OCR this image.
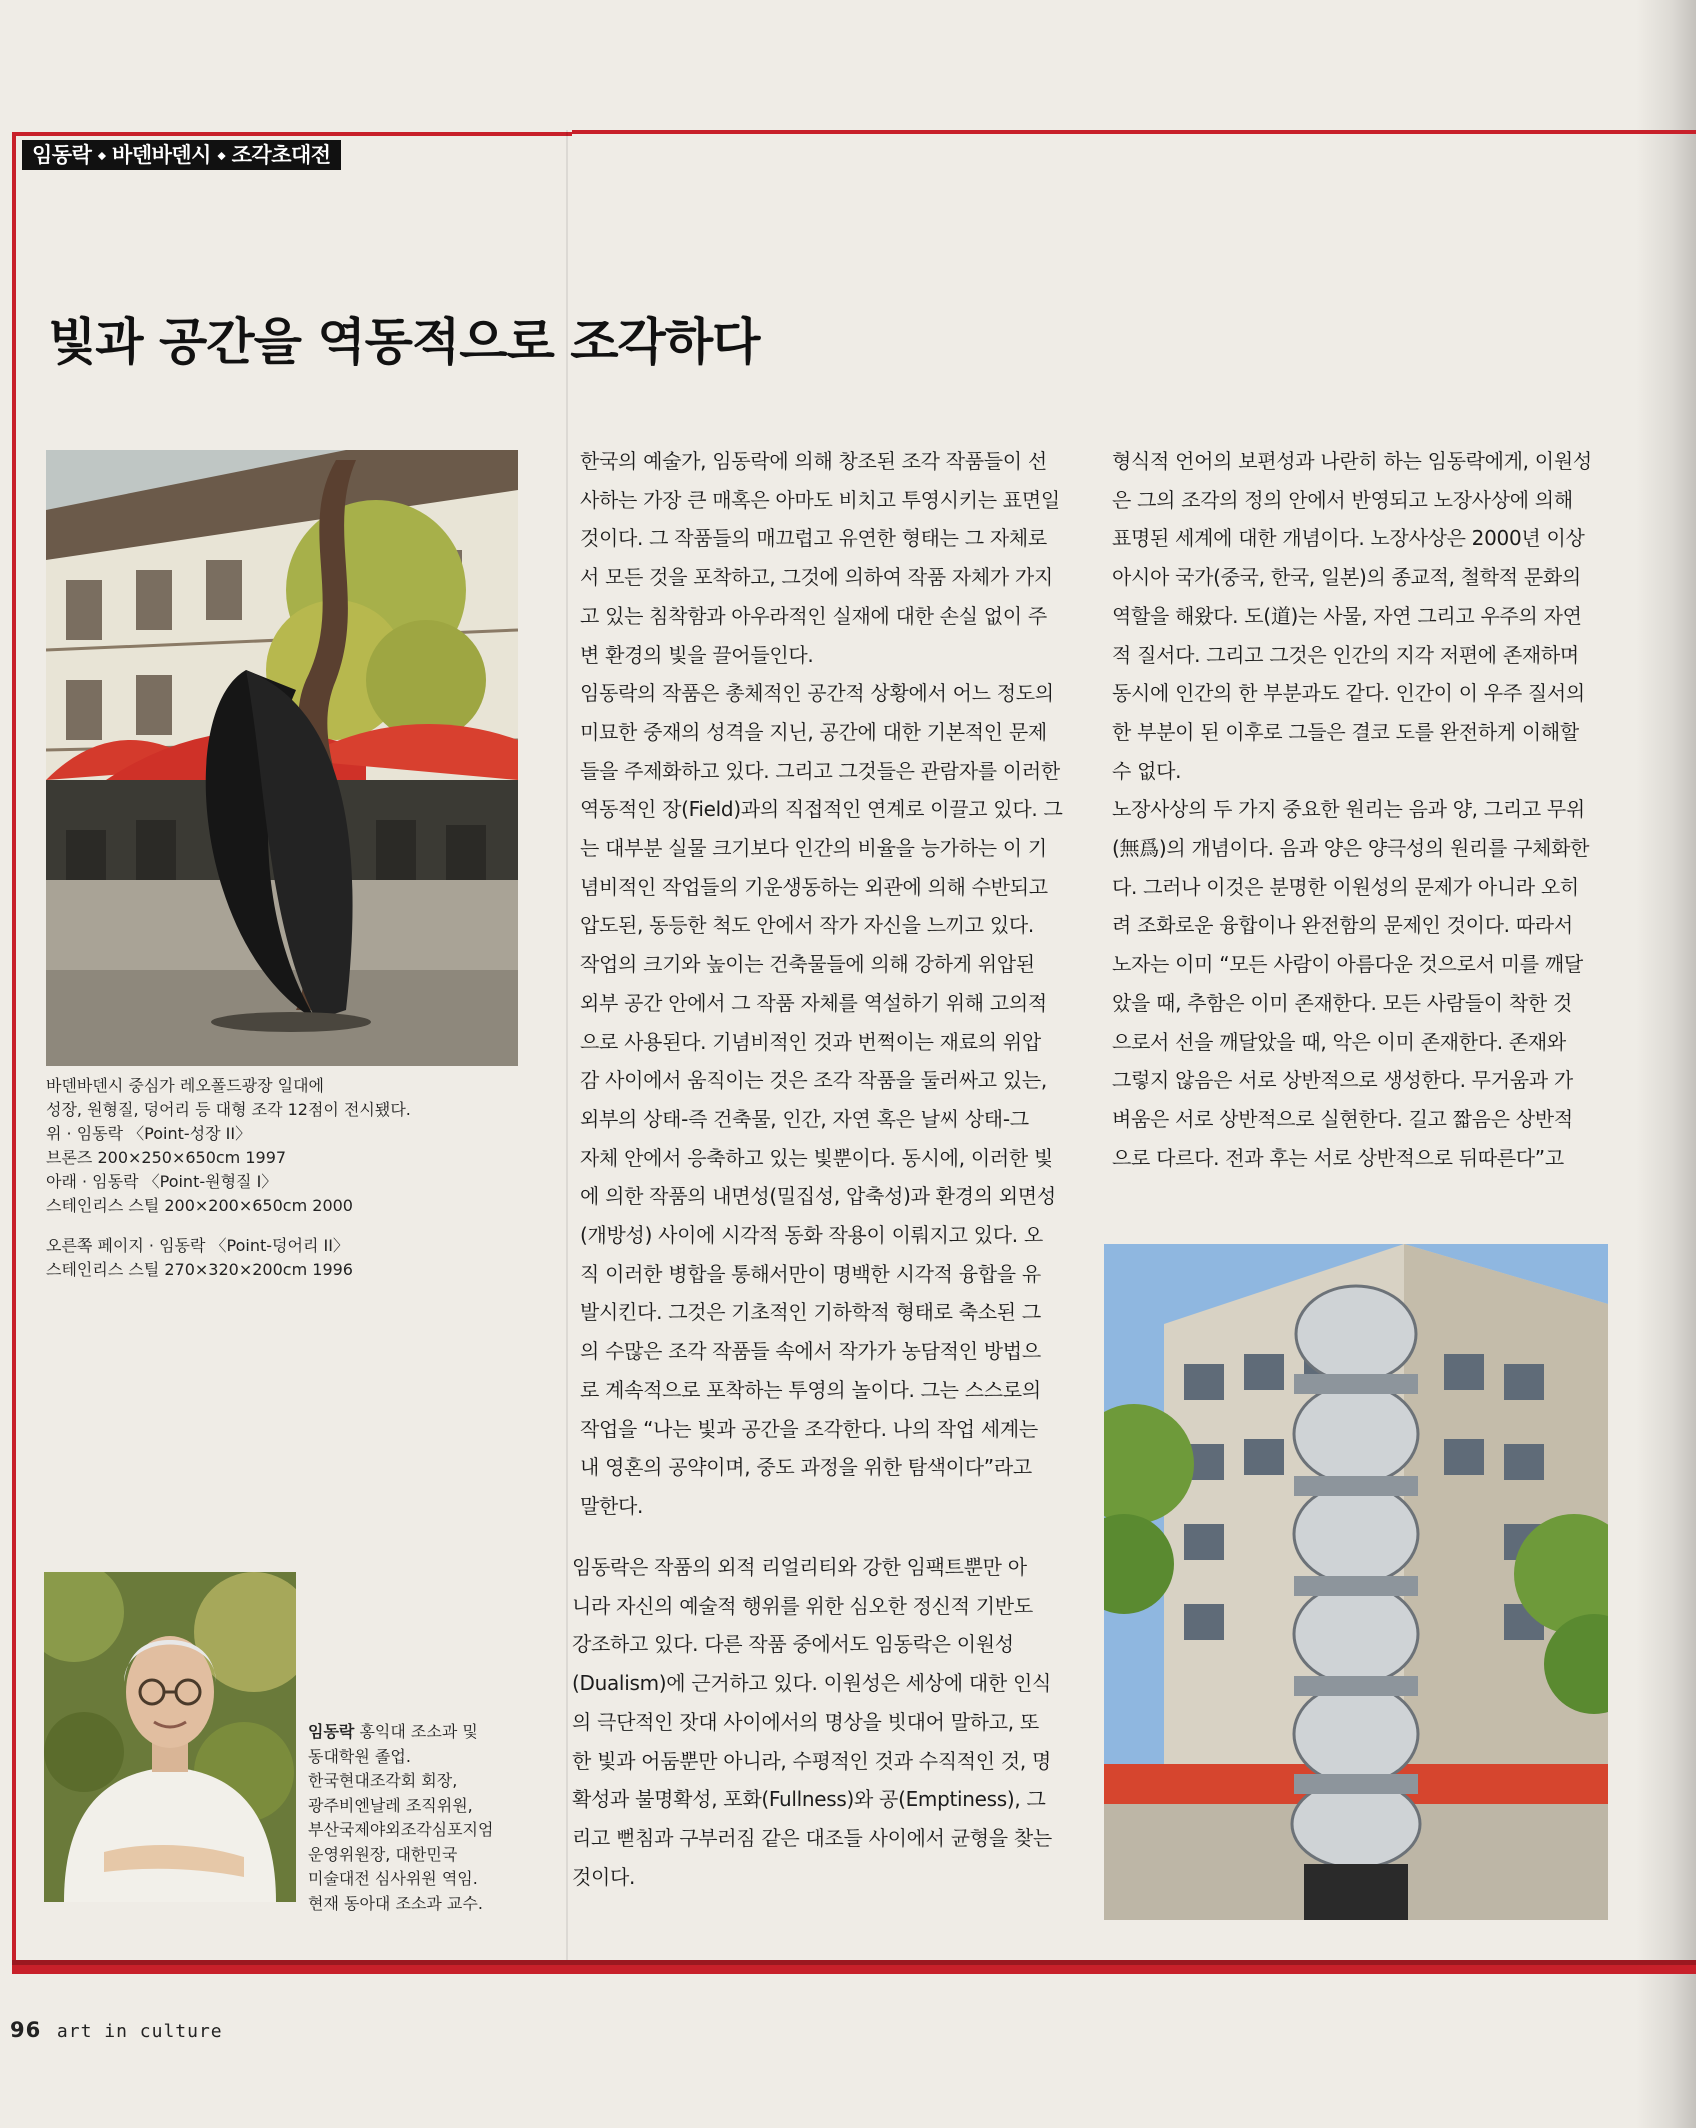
임동락 ⬩ 바덴바덴시 ⬩ 조각초대전
빛과 공간을 역동적으로 조각하다
바덴바덴시 중심가 레오폴드광장 일대에
성장, 원형질, 덩어리 등 대형 조각 12점이 전시됐다.
위 · 임동락 〈Point-성장 II〉
브론즈 200×250×650cm 1997
아래 · 임동락 〈Point-원형질 I〉
스테인리스 스틸 200×200×650cm 2000
오른쪽 페이지 · 임동락 〈Point-덩어리 II〉
스테인리스 스틸 270×320×200cm 1996
임동락 홍익대 조소과 및
동대학원 졸업.
한국현대조각회 회장,
광주비엔날레 조직위원,
부산국제야외조각심포지엄
운영위원장, 대한민국
미술대전 심사위원 역임.
현재 동아대 조소과 교수.
한국의 예술가, 임동락에 의해 창조된 조각 작품들이 선
사하는 가장 큰 매혹은 아마도 비치고 투영시키는 표면일
것이다. 그 작품들의 매끄럽고 유연한 형태는 그 자체로
서 모든 것을 포착하고, 그것에 의하여 작품 자체가 가지
고 있는 침착함과 아우라적인 실재에 대한 손실 없이 주
변 환경의 빛을 끌어들인다.
임동락의 작품은 총체적인 공간적 상황에서 어느 정도의
미묘한 중재의 성격을 지닌, 공간에 대한 기본적인 문제
들을 주제화하고 있다. 그리고 그것들은 관람자를 이러한
역동적인 장(Field)과의 직접적인 연계로 이끌고 있다. 그
는 대부분 실물 크기보다 인간의 비율을 능가하는 이 기
념비적인 작업들의 기운생동하는 외관에 의해 수반되고
압도된, 동등한 척도 안에서 작가 자신을 느끼고 있다.
작업의 크기와 높이는 건축물들에 의해 강하게 위압된
외부 공간 안에서 그 작품 자체를 역설하기 위해 고의적
으로 사용된다. 기념비적인 것과 번쩍이는 재료의 위압
감 사이에서 움직이는 것은 조각 작품을 둘러싸고 있는,
외부의 상태-즉 건축물, 인간, 자연 혹은 날씨 상태-그
자체 안에서 응축하고 있는 빛뿐이다. 동시에, 이러한 빛
에 의한 작품의 내면성(밀집성, 압축성)과 환경의 외면성
(개방성) 사이에 시각적 동화 작용이 이뤄지고 있다. 오
직 이러한 병합을 통해서만이 명백한 시각적 융합을 유
발시킨다. 그것은 기초적인 기하학적 형태로 축소된 그
의 수많은 조각 작품들 속에서 작가가 농담적인 방법으
로 계속적으로 포착하는 투영의 놀이다. 그는 스스로의
작업을 “나는 빛과 공간을 조각한다. 나의 작업 세계는
내 영혼의 공약이며, 중도 과정을 위한 탐색이다”라고
말한다.
임동락은 작품의 외적 리얼리티와 강한 임팩트뿐만 아
니라 자신의 예술적 행위를 위한 심오한 정신적 기반도
강조하고 있다. 다른 작품 중에서도 임동락은 이원성
(Dualism)에 근거하고 있다. 이원성은 세상에 대한 인식
의 극단적인 잣대 사이에서의 명상을 빗대어 말하고, 또
한 빛과 어둠뿐만 아니라, 수평적인 것과 수직적인 것, 명
확성과 불명확성, 포화(Fullness)와 공(Emptiness), 그
리고 뻗침과 구부러짐 같은 대조들 사이에서 균형을 찾는
것이다.
형식적 언어의 보편성과 나란히 하는 임동락에게, 이원성
은 그의 조각의 정의 안에서 반영되고 노장사상에 의해
표명된 세계에 대한 개념이다. 노장사상은 2000년 이상
아시아 국가(중국, 한국, 일본)의 종교적, 철학적 문화의
역할을 해왔다. 도(道)는 사물, 자연 그리고 우주의 자연
적 질서다. 그리고 그것은 인간의 지각 저편에 존재하며
동시에 인간의 한 부분과도 같다. 인간이 이 우주 질서의
한 부분이 된 이후로 그들은 결코 도를 완전하게 이해할
수 없다.
노장사상의 두 가지 중요한 원리는 음과 양, 그리고 무위
(無爲)의 개념이다. 음과 양은 양극성의 원리를 구체화한
다. 그러나 이것은 분명한 이원성의 문제가 아니라 오히
려 조화로운 융합이나 완전함의 문제인 것이다. 따라서
노자는 이미 “모든 사람이 아름다운 것으로서 미를 깨달
았을 때, 추함은 이미 존재한다. 모든 사람들이 착한 것
으로서 선을 깨달았을 때, 악은 이미 존재한다. 존재와
그렇지 않음은 서로 상반적으로 생성한다. 무거움과 가
벼움은 서로 상반적으로 실현한다. 길고 짧음은 상반적
으로 다르다. 전과 후는 서로 상반적으로 뒤따른다”고
96 art in culture
